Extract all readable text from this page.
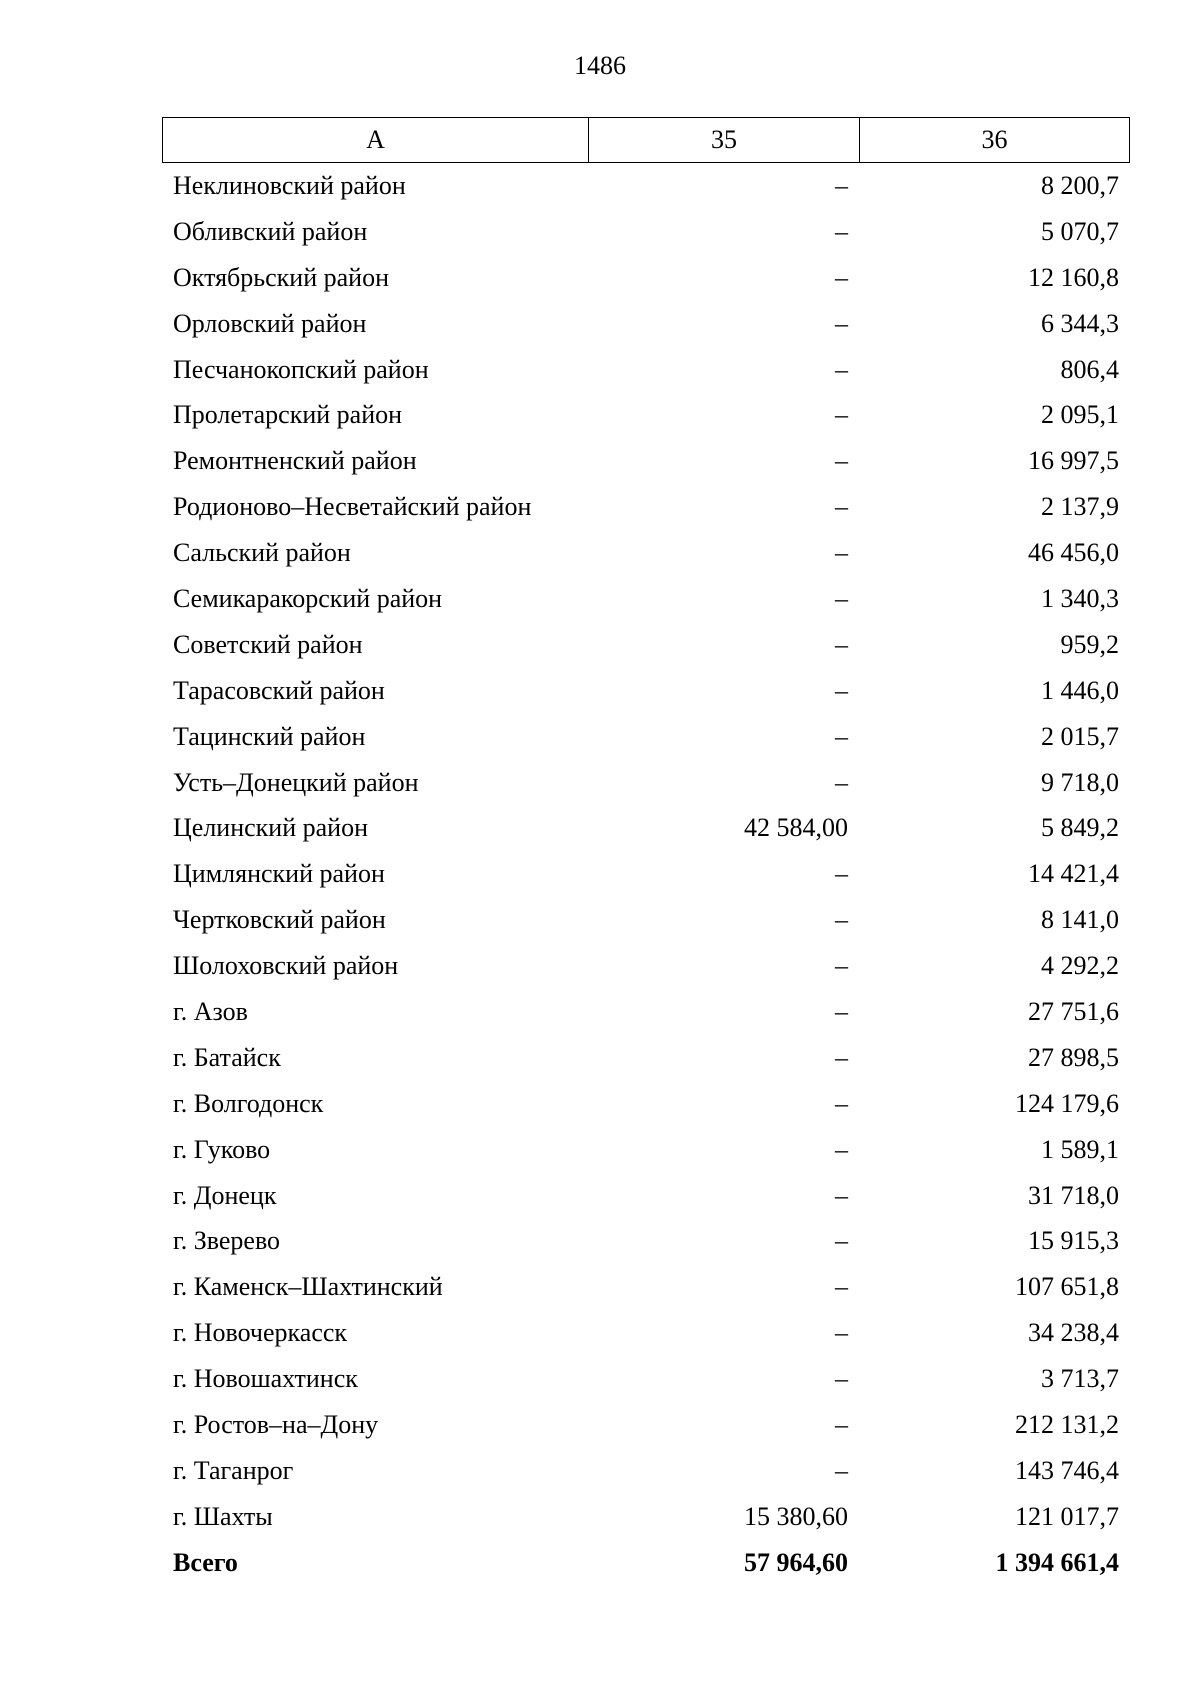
1486
А	35	36
Неклиновский район	–	8 200,7
Обливский район	–	5 070,7
Октябрьский район	–	12 160,8
Орловский район	–	6 344,3
Песчанокопский район	–	806,4
Пролетарский район	–	2 095,1
Ремонтненский район	–	16 997,5
Родионово–Несветайский район	–	2 137,9
Сальский район	–	46 456,0
Семикаракорский район	–	1 340,3
Советский район	–	959,2
Тарасовский район	–	1 446,0
Тацинский район	–	2 015,7
Усть–Донецкий район	–	9 718,0
Целинский район	42 584,00	5 849,2
Цимлянский район	–	14 421,4
Чертковский район	–	8 141,0
Шолоховский район	–	4 292,2
г. Азов	–	27 751,6
г. Батайск	–	27 898,5
г. Волгодонск	–	124 179,6
г. Гуково	–	1 589,1
г. Донецк	–	31 718,0
г. Зверево	–	15 915,3
г. Каменск–Шахтинский	–	107 651,8
г. Новочеркасск	–	34 238,4
г. Новошахтинск	–	3 713,7
г. Ростов–на–Дону	–	212 131,2
г. Таганрог	–	143 746,4
г. Шахты	15 380,60	121 017,7
Всего	57 964,60	1 394 661,4
